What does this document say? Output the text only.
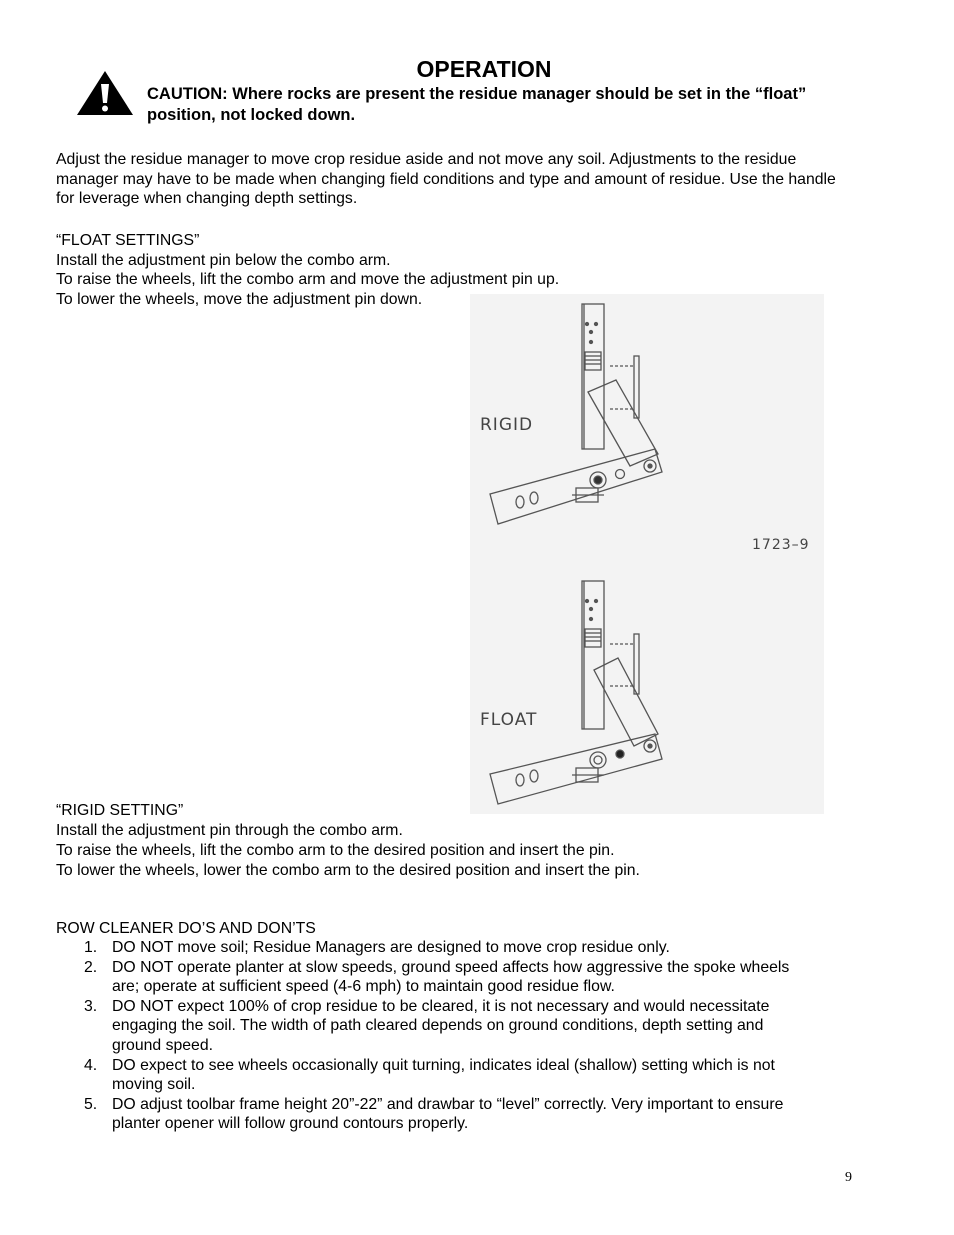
OPERATION
CAUTION: Where rocks are present the residue manager should be set in the “float” position, not locked down.
Adjust the residue manager to move crop residue aside and not move any soil. Adjustments to the residue manager may have to be made when changing field conditions and type and amount of residue. Use the handle for leverage when changing depth settings.
“FLOAT SETTINGS”
Install the adjustment pin below the combo arm.
To raise the wheels, lift the combo arm and move the adjustment pin up.
To lower the wheels, move the adjustment pin down.
RIGID
1723–9
FLOAT
“RIGID SETTING”
Install the adjustment pin through the combo arm.
To raise the wheels, lift the combo arm to the desired position and insert the pin.
To lower the wheels, lower the combo arm to the desired position and insert the pin.
ROW CLEANER DO’S AND DON’TS
1. DO NOT move soil; Residue Managers are designed to move crop residue only.
2. DO NOT operate planter at slow speeds, ground speed affects how aggressive the spoke wheels are; operate at sufficient speed (4-6 mph) to maintain good residue flow.
3. DO NOT expect 100% of crop residue to be cleared, it is not necessary and would necessitate engaging the soil. The width of path cleared depends on ground conditions, depth setting and ground speed.
4. DO expect to see wheels occasionally quit turning, indicates ideal (shallow) setting which is not moving soil.
5. DO adjust toolbar frame height 20”-22” and drawbar to “level” correctly. Very important to ensure planter opener will follow ground contours properly.
9
